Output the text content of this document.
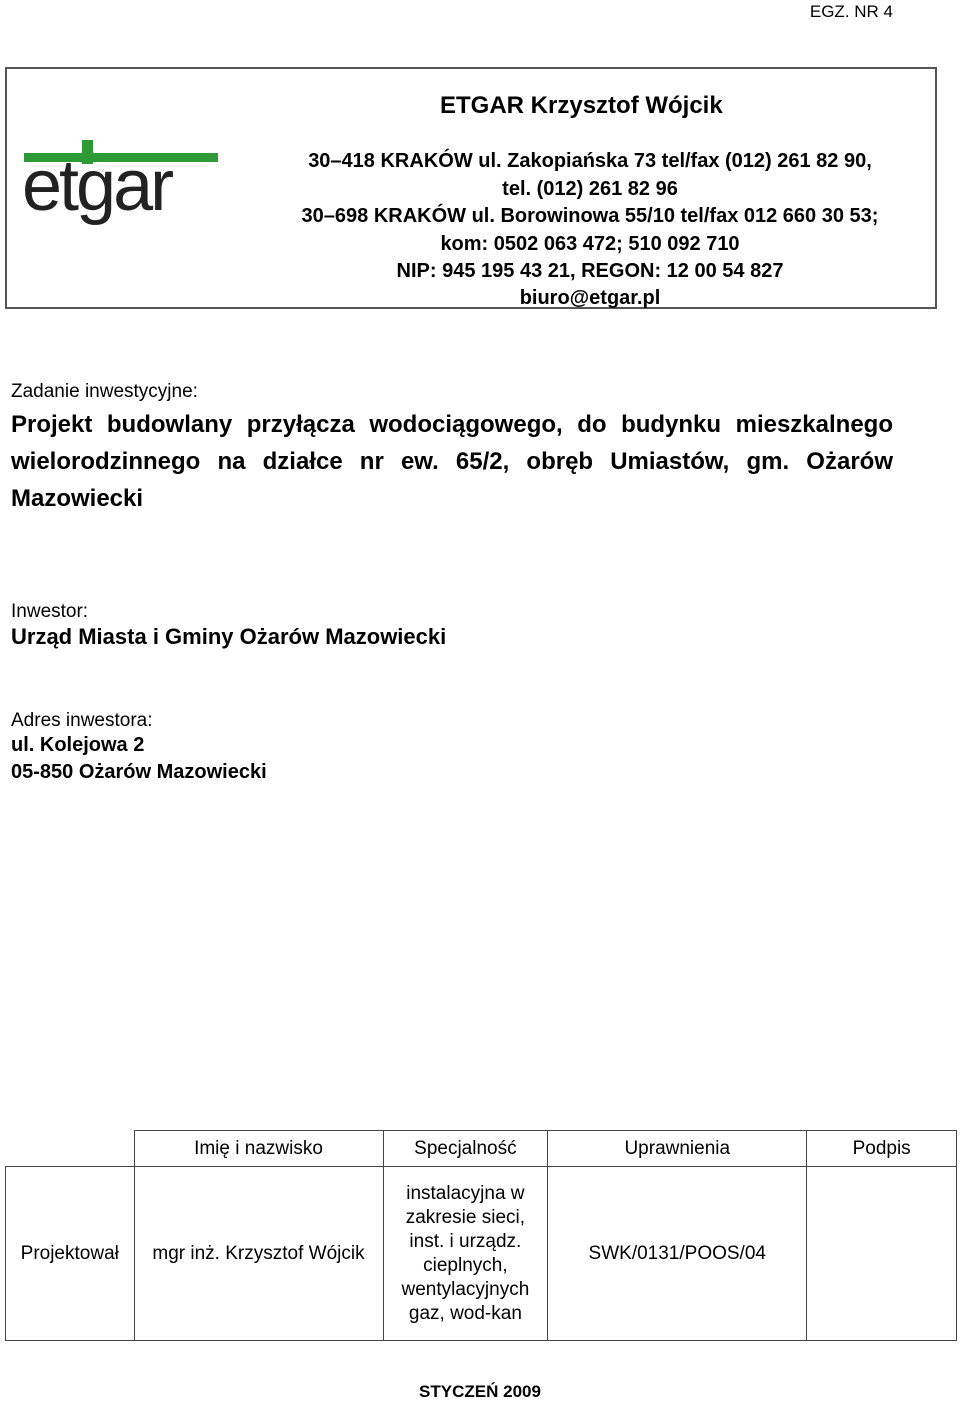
EGZ. NR 4
etgar
ETGAR Krzysztof Wójcik
30–418 KRAKÓW ul. Zakopiańska 73 tel/fax (012) 261 82 90,
tel. (012) 261 82 96
30–698 KRAKÓW ul. Borowinowa 55/10 tel/fax 012 660 30 53;
kom: 0502 063 472; 510 092 710
NIP: 945 195 43 21, REGON: 12 00 54 827
biuro@etgar.pl
Zadanie inwestycyjne:
Projekt budowlany przyłącza wodociągowego, do budynku mieszkalnego wielorodzinnego na działce nr ew. 65/2, obręb Umiastów, gm. Ożarów Mazowiecki
Inwestor:
Urząd Miasta i Gminy Ożarów Mazowiecki
Adres inwestora:
ul. Kolejowa 2
05-850 Ożarów Mazowiecki
	Imię i nazwisko	Specjalność	Uprawnienia	Podpis
Projektował	mgr inż. Krzysztof Wójcik	instalacyjna w zakresie sieci, inst. i urządz. cieplnych, wentylacyjnych gaz, wod-kan	SWK/0131/POOS/04	
STYCZEŃ 2009
